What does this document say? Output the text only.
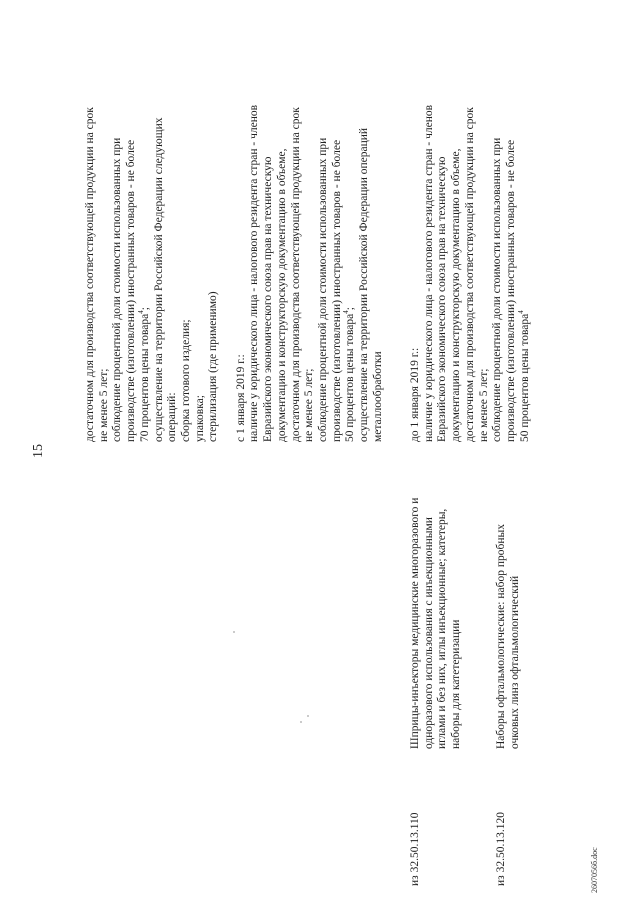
15

достаточном для производства соответствующей продукции на срок не менее 5 лет; соблюдение процентной доли стоимости использованных при производстве (изготовлении) иностранных товаров - не более 70 процентов цены товара$^4$; осуществление на территории Российской Федерации следующих операций: сборка готового изделия; упаковка; стерилизация (где применимо) с 1 января 2019 г.: наличие у юридического лица - налогового резидента стран - членов Евразийского экономического союза прав на техническую документацию и конструкторскую документацию в объеме, достаточном для производства соответствующей продукции на срок не менее 5 лет; соблюдение процентной доли стоимости использованных при производстве (изготовлении) иностранных товаров - не более 50 процентов цены товара$^4$; осуществление на территории Российской Федерации операций металлообработки

из 32.50.13.110
Шприцы-инъекторы медицинские многоразового и одноразового использования с инъекционными иглами и без них, иглы инъекционные; катетеры, наборы для катетеризации

до 1 января 2019 г.: наличие у юридического лица - налогового резидента стран - членов Евразийского экономического союза прав на техническую документацию и конструкторскую документацию в объеме, достаточном для производства соответствующей продукции на срок не менее 5 лет; соблюдение процентной доли стоимости использованных при производстве (изготовлении) иностранных товаров - не более 50 процентов цены товара$^4$

из 32.50.13.120
Наборы офтальмологические: набор пробных очковых линз офтальмологический
2607056б.doc
